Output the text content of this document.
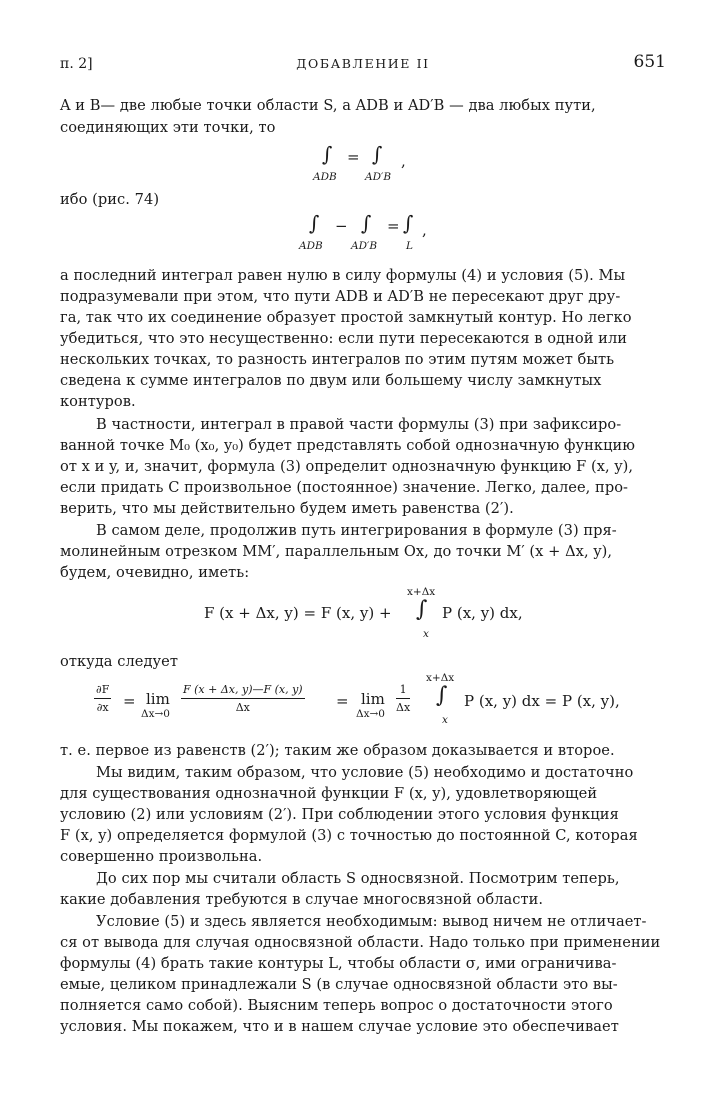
п. 2]	ДОБАВЛЕНИЕ II	651
A и B— две любые точки области S, а ADB и AD′B — два любых пути,
соединяющих эти точки, то
∫ = ∫ ,
ADB	AD′B
ибо (рис. 74)
∫ − ∫ = ∫ ,
ADB	AD′B	L
а последний интеграл равен нулю в силу формулы (4) и условия (5). Мы
подразумевали при этом, что пути ADB и AD′B не пересекают друг дру-
га, так что их соединение образует простой замкнутый контур. Но легко
убедиться, что это несущественно: если пути пересекаются в одной или
нескольких точках, то разность интегралов по этим путям может быть
сведена к сумме интегралов по двум или большему числу замкнутых
контуров.
В частности, интеграл в правой части формулы (3) при зафиксиро-
ванной точке M₀ (x₀, y₀) будет представлять собой однозначную функцию
от x и y, и, значит, формула (3) определит однозначную функцию F (x, y),
если придать C произвольное (постоянное) значение. Легко, далее, про-
верить, что мы действительно будем иметь равенства (2′).
В самом деле, продолжив путь интегрирования в формуле (3) пря-
молинейным отрезком MM′, параллельным Ox, до точки M′ (x + Δx, y),
будем, очевидно, иметь:
F (x + Δx, y) = F (x, y) +
x+Δx
∫
x
P (x, y) dx,
откуда следует
$\frac{\partial F}{\partial x} = \lim$
$\Delta x\to 0 \frac{F (x + \Delta x, y)—F (x, y)}{\Delta x} = \lim$
$\Delta x\to 0 \frac{1}{\Delta x}$
x+Δx
∫
x
P (x, y) dx = P (x, y),
т. е. первое из равенств (2′); таким же образом доказывается и второе.
Мы видим, таким образом, что условие (5) необходимо и достаточно
для существования однозначной функции F (x, y), удовлетворяющей
условию (2) или условиям (2′). При соблюдении этого условия функция
F (x, y) определяется формулой (3) с точностью до постоянной C, которая
совершенно произвольна.
До сих пор мы считали область S односвязной. Посмотрим теперь,
какие добавления требуются в случае многосвязной области.
Условие (5) и здесь является необходимым: вывод ничем не отличает-
ся от вывода для случая односвязной области. Надо только при применении
формулы (4) брать такие контуры L, чтобы области σ, ими ограничива-
емые, целиком принадлежали S (в случае односвязной области это вы-
полняется само собой). Выясним теперь вопрос о достаточности этого
условия. Мы покажем, что и в нашем случае условие это обеспечивает
